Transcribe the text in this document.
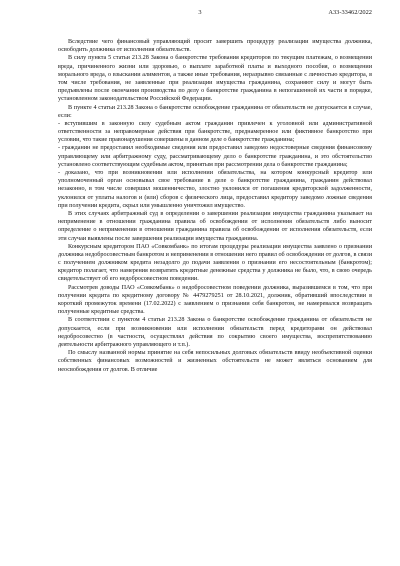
3	А33-33462/2022

Вследствие чего финансовый управляющий просит завершить процедуру реализации имущества должника, освободить должника от исполнения обязательств.

В силу пункта 5 статьи 213.28 Закона о банкротстве требования кредиторов по текущим платежам, о возмещении вреда, причиненного жизни или здоровью, о выплате заработной платы и выходного пособия, о возмещении морального вреда, о взыскании алиментов, а также иные требования, неразрывно связанные с личностью кредитора, в том числе требования, не заявленные при реализации имущества гражданина, сохраняют силу и могут быть предъявлены после окончания производства по делу о банкротстве гражданина в непогашенной их части в порядке, установленном законодательством Российской Федерации.

В пункте 4 статьи 213.28 Закона о банкротстве освобождение гражданина от обязательств не допускается в случае, если:

- вступившим в законную силу судебным актом гражданин привлечен к уголовной или административной ответственности за неправомерные действия при банкротстве, преднамеренное или фиктивное банкротство при условии, что такие правонарушения совершены в данном деле о банкротстве гражданина;

- гражданин не предоставил необходимые сведения или предоставил заведомо недостоверные сведения финансовому управляющему или арбитражному суду, рассматривающему дело о банкротстве гражданина, и это обстоятельство установлено соответствующим судебным актом, принятым при рассмотрении дела о банкротстве гражданина;

- доказано, что при возникновении или исполнении обязательства, на котором конкурсный кредитор или уполномоченный орган основывал свое требование в деле о банкротстве гражданина, гражданин действовал незаконно, в том числе совершил мошенничество, злостно уклонился от погашения кредиторской задолженности, уклонился от уплаты налогов и (или) сборов с физического лица, предоставил кредитору заведомо ложные сведения при получении кредита, скрыл или умышленно уничтожил имущество.

В этих случаях арбитражный суд в определении о завершении реализации имущества гражданина указывает на неприменение в отношении гражданина правила об освобождении от исполнения обязательств либо выносит определение о неприменении в отношении гражданина правила об освобождении от исполнения обязательств, если эти случаи выявлены после завершения реализации имущества гражданина.

Конкурсным кредитором ПАО «Совкомбанк» по итогам процедуры реализации имущества заявлено о признании должника недобросовестным банкротом и неприменении в отношении него правил об освобождении от долгов, в связи с получением должником кредита незадолго до подачи заявления о признании его несостоятельным (банкротом); кредитор полагает, что намерения возвратить кредитные денежные средства у должника не было, что, в свою очередь свидетельствует об его недобросовестном поведении.

Рассмотрев доводы ПАО «Совкомбанк» о недобросовестном поведении должника, выразившемся в том, что при получении кредита по кредитному договору № 4479279251 от 28.10.2021, должник, обративший впоследствии в короткий промежуток времени (17.02.2022) с заявлением о признании себя банкротом, не намеревался возвращать полученные кредитные средства.

В соответствии с пунктом 4 статьи 213.28 Закона о банкротстве освобождение гражданина от обязательств не допускается, если при возникновении или исполнении обязательств перед кредиторами он действовал недобросовестно (в частности, осуществлял действия по сокрытию своего имущества, воспрепятствованию деятельности арбитражного управляющего и т.п.).

По смыслу названной нормы принятие на себя непосильных долговых обязательств ввиду необъективной оценки собственных финансовых возможностей и жизненных обстоятельств не может являться основанием для неосвобождения от долгов. В отличие
